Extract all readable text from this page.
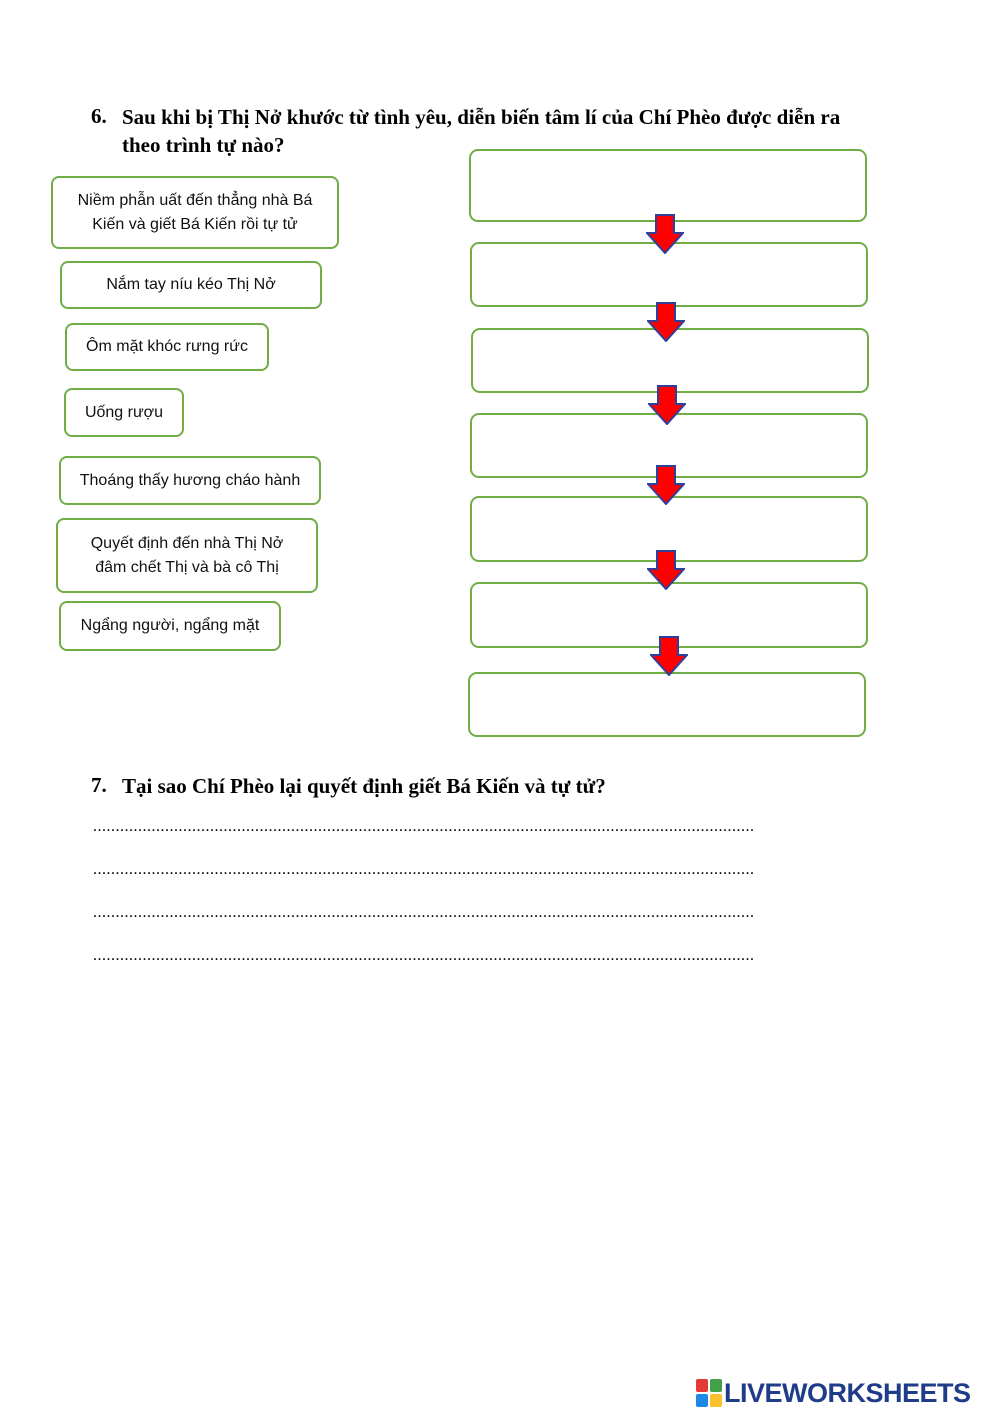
6. Sau khi bị Thị Nở khước từ tình yêu, diễn biến tâm lí của Chí Phèo được diễn ra
theo trình tự nào?
Niềm phẫn uất đến thẳng nhà Bá
Kiến và giết Bá Kiến rồi tự tử
Nắm tay níu kéo Thị Nở
Ôm mặt khóc rưng rức
Uống rượu
Thoáng thấy hương cháo hành
Quyết định đến nhà Thị Nở
đâm chết Thị và bà cô Thị
Ngẩng người, ngẩng mặt
7. Tại sao Chí Phèo lại quyết định giết Bá Kiến và tự tử?
...................................................................................................................................................
...................................................................................................................................................
...................................................................................................................................................
...................................................................................................................................................
LIVEWORKSHEETS
